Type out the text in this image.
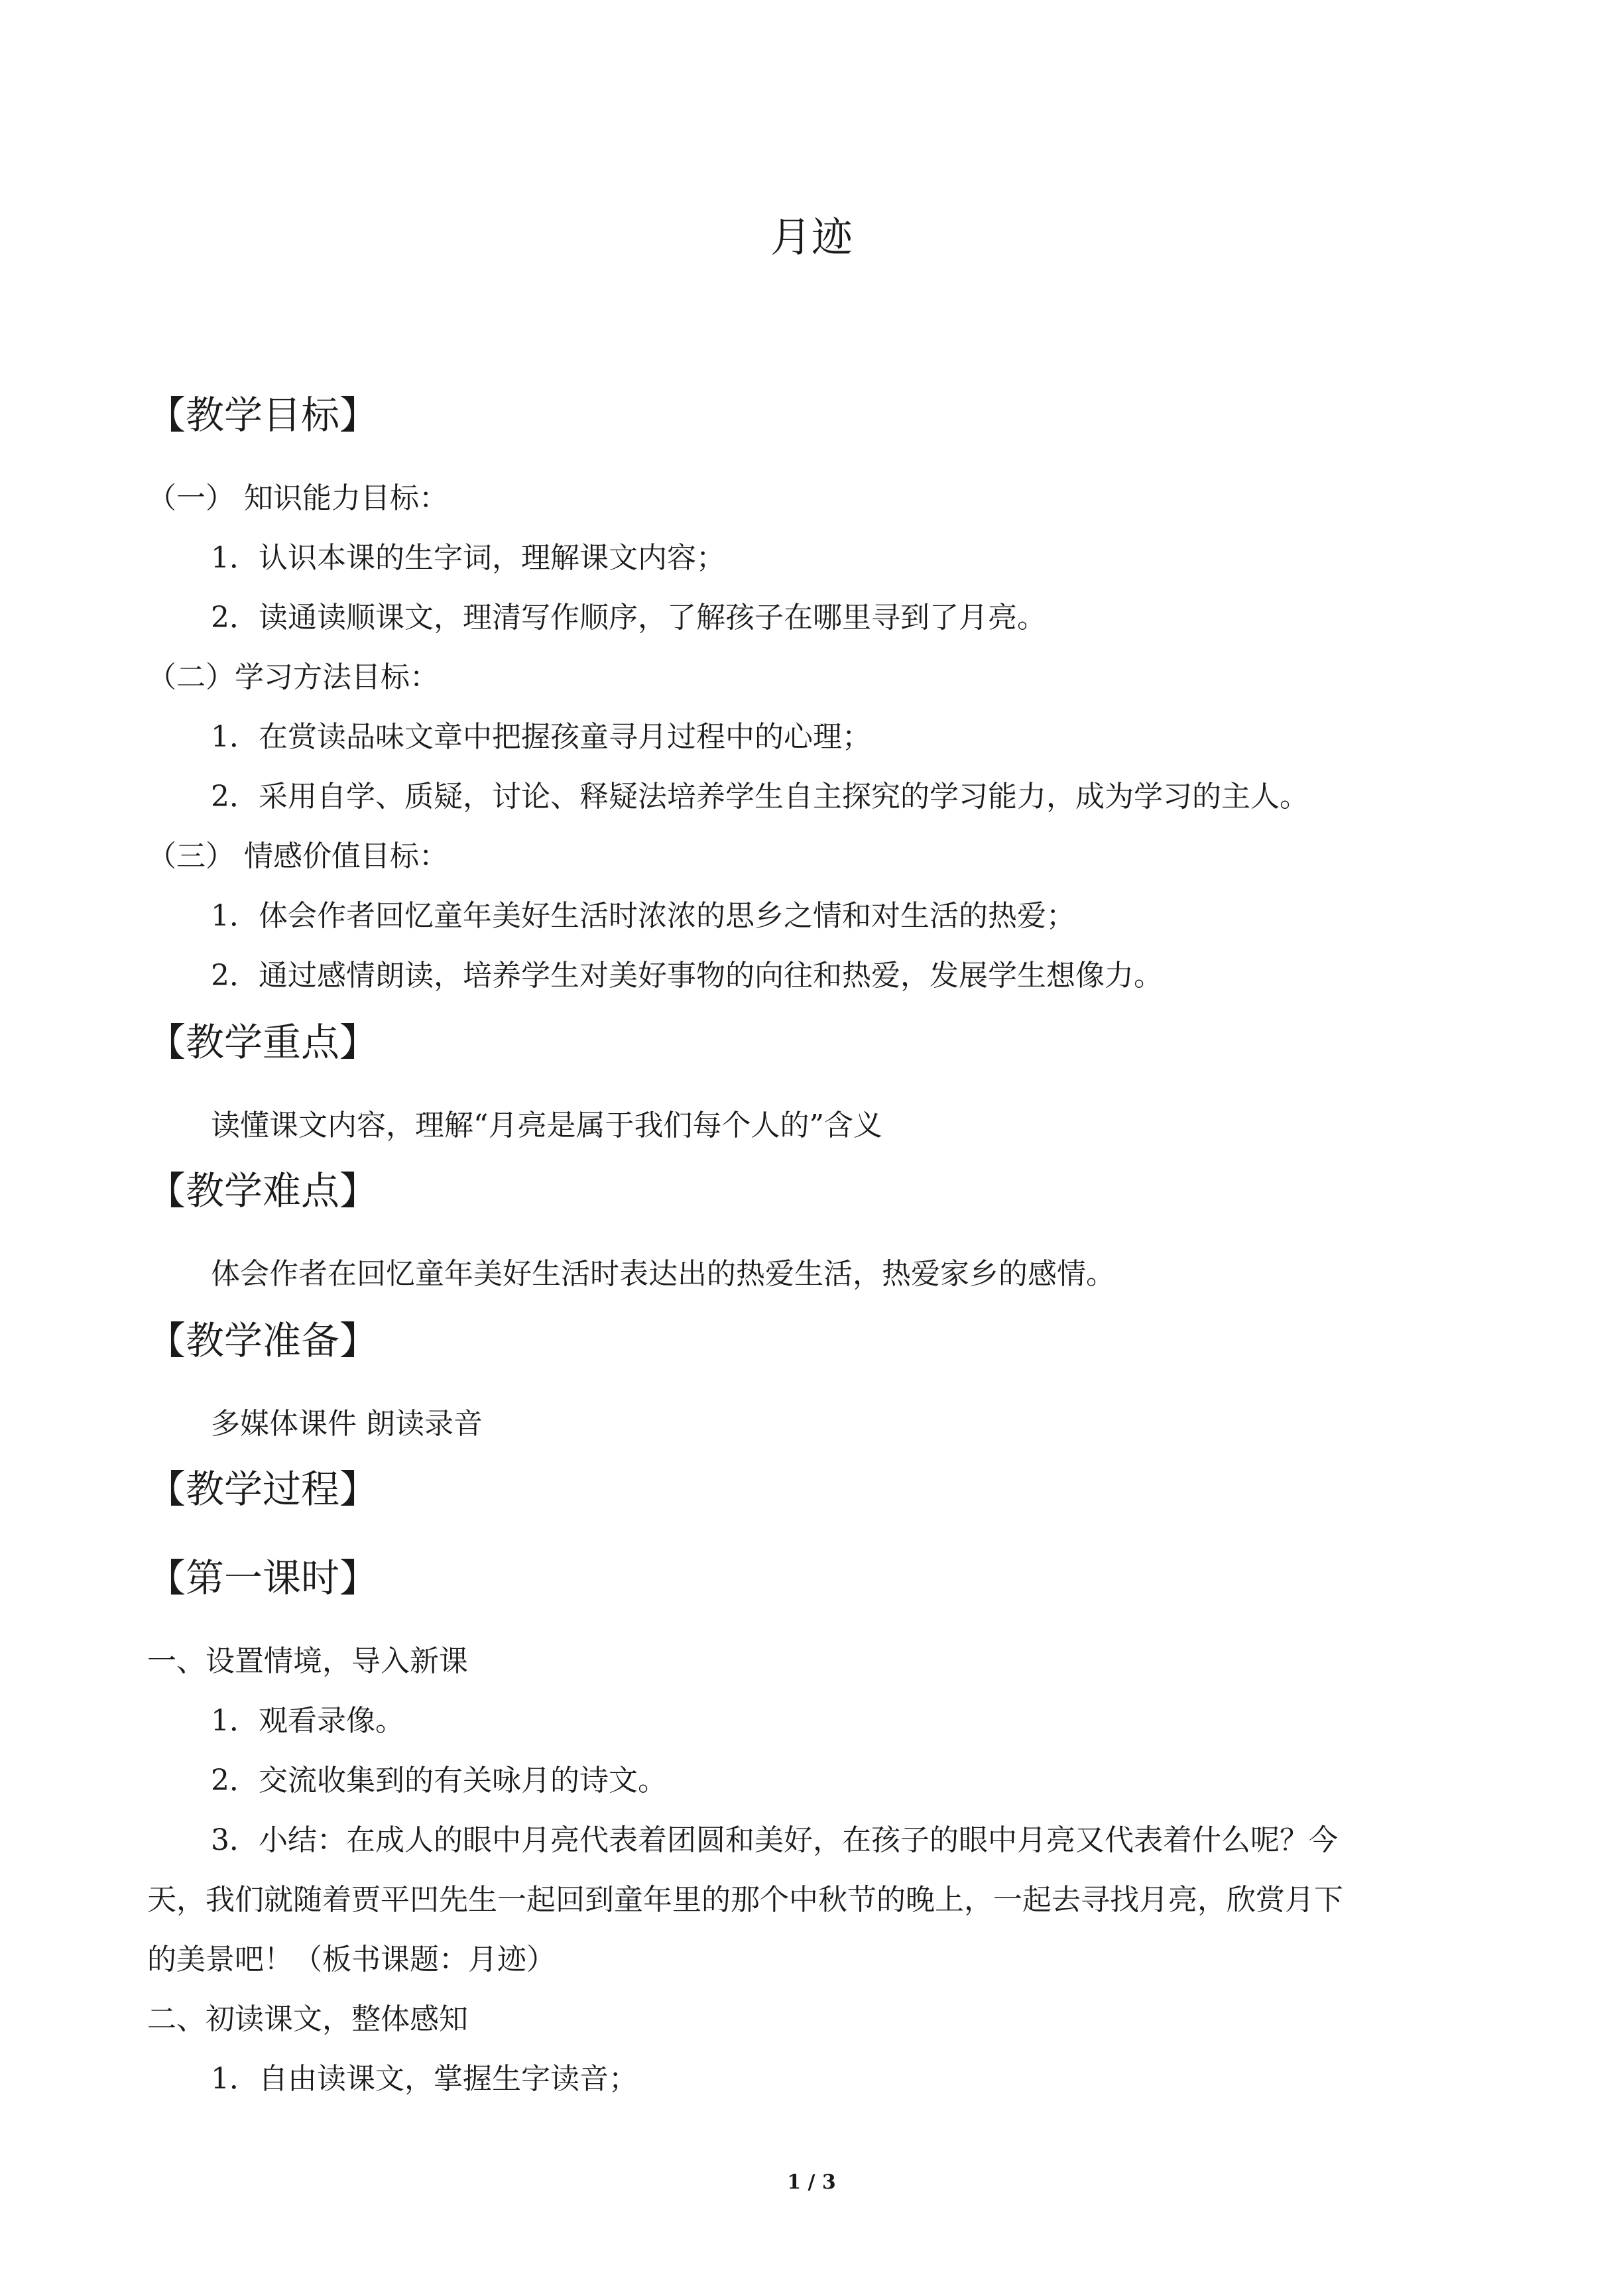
月迹
【教学目标】
（一） 知识能力目标：
1．认识本课的生字词，理解课文内容；
2．读通读顺课文，理清写作顺序，了解孩子在哪里寻到了月亮。
（二）学习方法目标：
1．在赏读品味文章中把握孩童寻月过程中的心理；
2．采用自学、质疑，讨论、释疑法培养学生自主探究的学习能力，成为学习的主人。
（三） 情感价值目标：
1．体会作者回忆童年美好生活时浓浓的思乡之情和对生活的热爱；
2．通过感情朗读，培养学生对美好事物的向往和热爱，发展学生想像力。
【教学重点】
读懂课文内容，理解“月亮是属于我们每个人的”含义
【教学难点】
体会作者在回忆童年美好生活时表达出的热爱生活，热爱家乡的感情。
【教学准备】
多媒体课件 朗读录音
【教学过程】
【第一课时】
一、设置情境，导入新课
1．观看录像。
2．交流收集到的有关咏月的诗文。
3．小结：在成人的眼中月亮代表着团圆和美好，在孩子的眼中月亮又代表着什么呢？今
天，我们就随着贾平凹先生一起回到童年里的那个中秋节的晚上，一起去寻找月亮，欣赏月下
的美景吧！（板书课题：月迹）
二、初读课文，整体感知
1．自由读课文，掌握生字读音；
1 / 3
